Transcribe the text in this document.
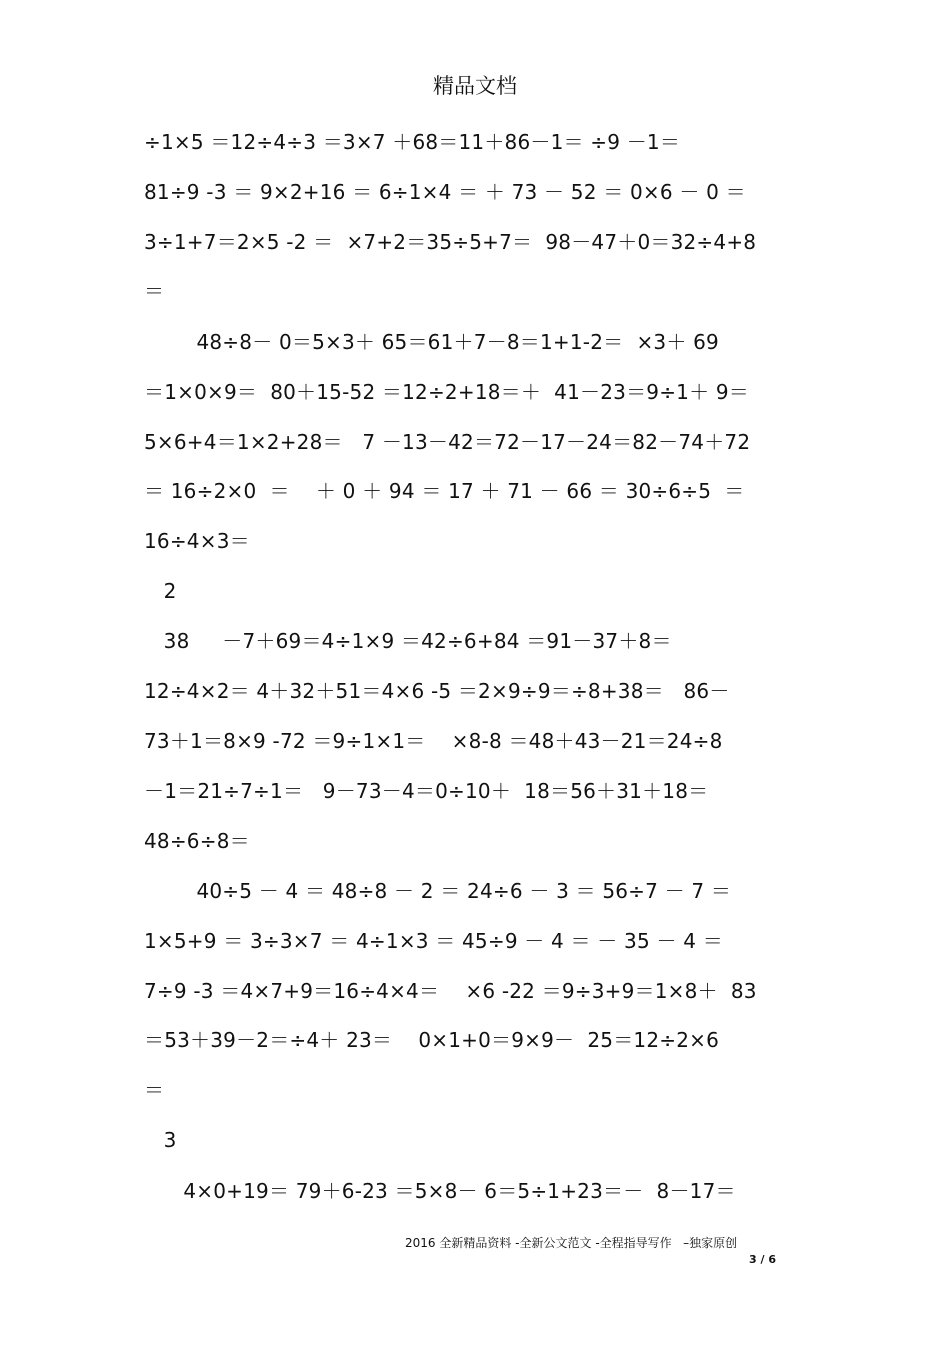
精品文档
÷1×5 ＝12÷4÷3 ＝3×7 ＋68＝11＋86－1＝ ÷9 －1＝
81÷9 -3 ＝ 9×2+16 ＝ 6÷1×4 ＝ ＋ 73 － 52 ＝ 0×6 － 0 ＝
3÷1+7＝2×5 -2 ＝  ×7+2＝35÷5+7＝  98－47＋0＝32÷4+8
＝
48÷8－ 0＝5×3＋ 65＝61＋7－8＝1+1-2＝  ×3＋ 69
＝1×0×9＝  80＋15-52 ＝12÷2+18＝＋  41－23＝9÷1＋ 9＝
5×6+4＝1×2+28＝   7 －13－42＝72－17－24＝82－74＋72
＝ 16÷2×0  ＝    ＋ 0 ＋ 94 ＝ 17 ＋ 71 － 66 ＝ 30÷6÷5  ＝
16÷4×3＝
2
38     －7＋69＝4÷1×9 ＝42÷6+84 ＝91－37＋8＝
12÷4×2＝ 4＋32＋51＝4×6 -5 ＝2×9÷9＝÷8+38＝   86－
73＋1＝8×9 -72 ＝9÷1×1＝    ×8-8 ＝48＋43－21＝24÷8
－1＝21÷7÷1＝   9－73－4＝0÷10＋  18＝56＋31＋18＝
48÷6÷8＝
40÷5 － 4 ＝ 48÷8 － 2 ＝ 24÷6 － 3 ＝ 56÷7 － 7 ＝
1×5+9 ＝ 3÷3×7 ＝ 4÷1×3 ＝ 45÷9 － 4 ＝ － 35 － 4 ＝
7÷9 -3 ＝4×7+9＝16÷4×4＝    ×6 -22 ＝9÷3+9＝1×8＋  83
＝53＋39－2＝÷4＋ 23＝    0×1+0＝9×9－  25＝12÷2×6
＝
3
4×0+19＝ 79＋6-23 ＝5×8－ 6＝5÷1+23＝－  8－17＝
2016 全新精品资料 -全新公文范文 -全程指导写作   –独家原创
3 / 6
